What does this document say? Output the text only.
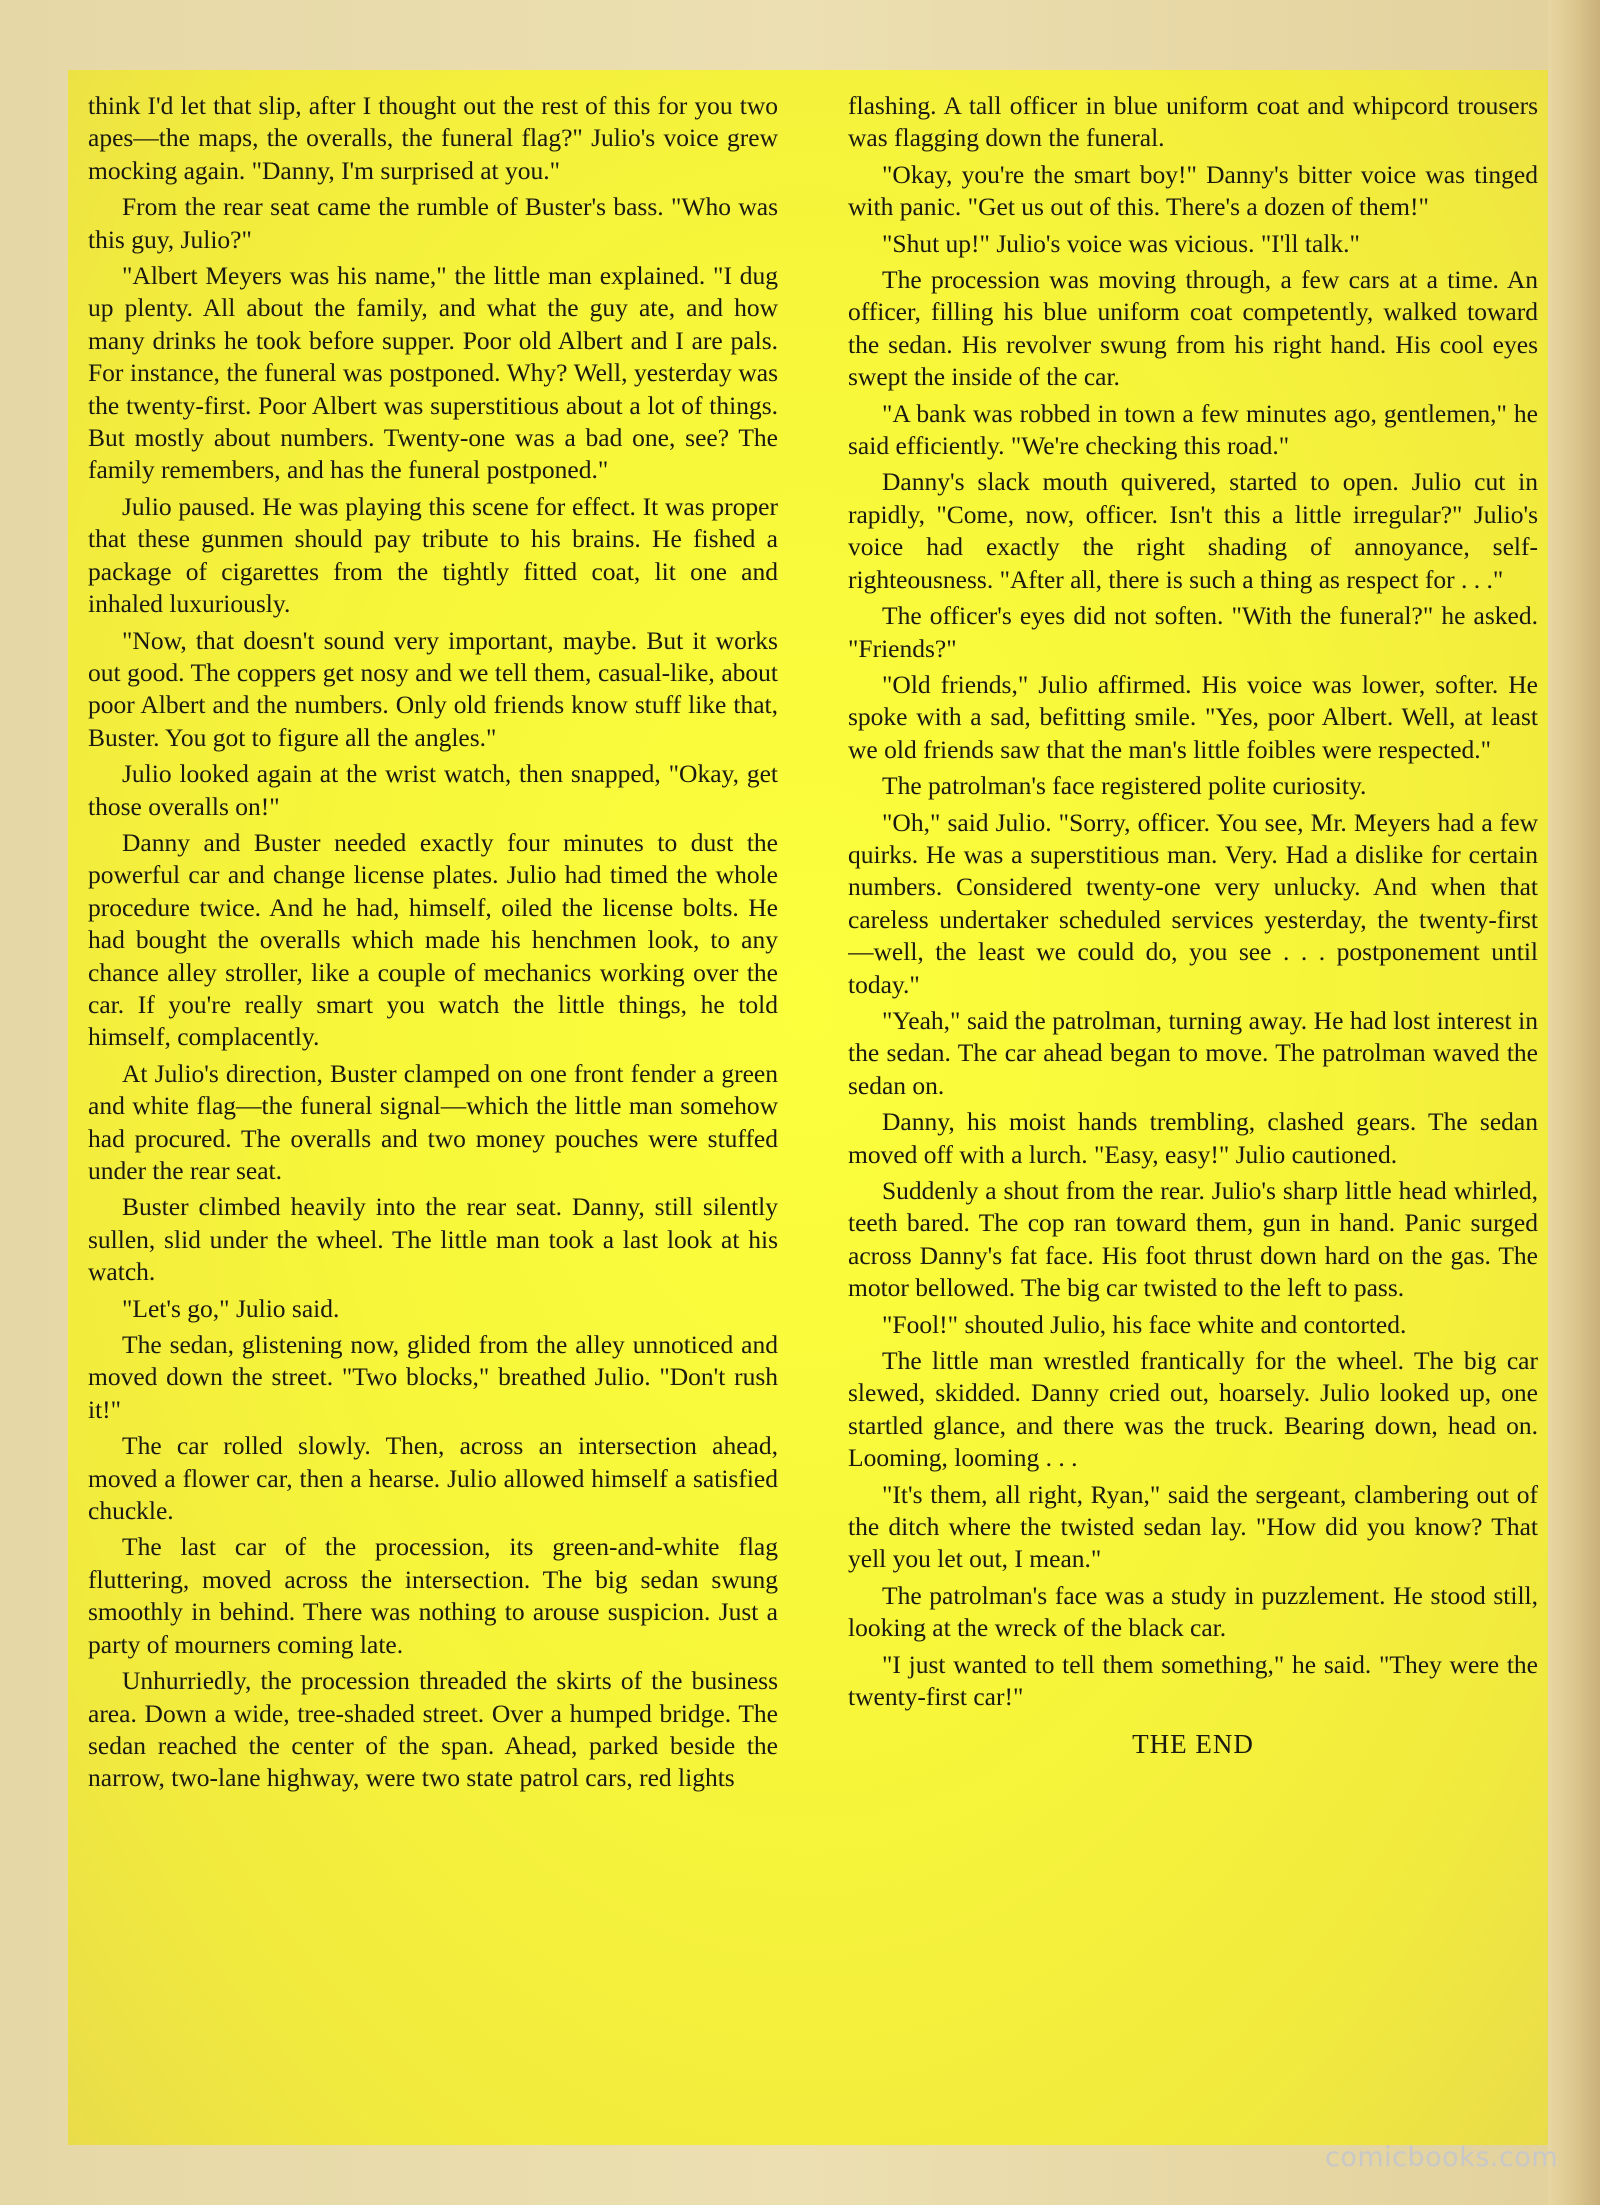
think I'd let that slip, after I thought out the rest of this for you two apes—the maps, the overalls, the funeral flag?" Julio's voice grew mocking again. "Danny, I'm surprised at you."

From the rear seat came the rumble of Buster's bass. "Who was this guy, Julio?"

"Albert Meyers was his name," the little man explained. "I dug up plenty. All about the family, and what the guy ate, and how many drinks he took before supper. Poor old Albert and I are pals. For instance, the funeral was postponed. Why? Well, yesterday was the twenty-first. Poor Albert was superstitious about a lot of things. But mostly about numbers. Twenty-one was a bad one, see? The family remembers, and has the funeral postponed."

Julio paused. He was playing this scene for effect. It was proper that these gunmen should pay tribute to his brains. He fished a package of cigarettes from the tightly fitted coat, lit one and inhaled luxuriously.

"Now, that doesn't sound very important, maybe. But it works out good. The coppers get nosy and we tell them, casual-like, about poor Albert and the numbers. Only old friends know stuff like that, Buster. You got to figure all the angles."

Julio looked again at the wrist watch, then snapped, "Okay, get those overalls on!"

Danny and Buster needed exactly four minutes to dust the powerful car and change license plates. Julio had timed the whole procedure twice. And he had, himself, oiled the license bolts. He had bought the overalls which made his henchmen look, to any chance alley stroller, like a couple of mechanics working over the car. If you're really smart you watch the little things, he told himself, complacently.

At Julio's direction, Buster clamped on one front fender a green and white flag—the funeral signal—which the little man somehow had procured. The overalls and two money pouches were stuffed under the rear seat.

Buster climbed heavily into the rear seat. Danny, still silently sullen, slid under the wheel. The little man took a last look at his watch.

"Let's go," Julio said.

The sedan, glistening now, glided from the alley unnoticed and moved down the street. "Two blocks," breathed Julio. "Don't rush it!"

The car rolled slowly. Then, across an intersection ahead, moved a flower car, then a hearse. Julio allowed himself a satisfied chuckle.

The last car of the procession, its green-and-white flag fluttering, moved across the intersection. The big sedan swung smoothly in behind. There was nothing to arouse suspicion. Just a party of mourners coming late.

Unhurriedly, the procession threaded the skirts of the business area. Down a wide, tree-shaded street. Over a humped bridge. The sedan reached the center of the span. Ahead, parked beside the narrow, two-lane highway, were two state patrol cars, red lights

flashing. A tall officer in blue uniform coat and whipcord trousers was flagging down the funeral.

"Okay, you're the smart boy!" Danny's bitter voice was tinged with panic. "Get us out of this. There's a dozen of them!"

"Shut up!" Julio's voice was vicious. "I'll talk."

The procession was moving through, a few cars at a time. An officer, filling his blue uniform coat competently, walked toward the sedan. His revolver swung from his right hand. His cool eyes swept the inside of the car.

"A bank was robbed in town a few minutes ago, gentlemen," he said efficiently. "We're checking this road."

Danny's slack mouth quivered, started to open. Julio cut in rapidly, "Come, now, officer. Isn't this a little irregular?" Julio's voice had exactly the right shading of annoyance, self-righteousness. "After all, there is such a thing as respect for . . ."

The officer's eyes did not soften. "With the funeral?" he asked. "Friends?"

"Old friends," Julio affirmed. His voice was lower, softer. He spoke with a sad, befitting smile. "Yes, poor Albert. Well, at least we old friends saw that the man's little foibles were respected."

The patrolman's face registered polite curiosity.

"Oh," said Julio. "Sorry, officer. You see, Mr. Meyers had a few quirks. He was a superstitious man. Very. Had a dislike for certain numbers. Considered twenty-one very unlucky. And when that careless undertaker scheduled services yesterday, the twenty-first—well, the least we could do, you see . . . postponement until today."

"Yeah," said the patrolman, turning away. He had lost interest in the sedan. The car ahead began to move. The patrolman waved the sedan on.

Danny, his moist hands trembling, clashed gears. The sedan moved off with a lurch. "Easy, easy!" Julio cautioned.

Suddenly a shout from the rear. Julio's sharp little head whirled, teeth bared. The cop ran toward them, gun in hand. Panic surged across Danny's fat face. His foot thrust down hard on the gas. The motor bellowed. The big car twisted to the left to pass.

"Fool!" shouted Julio, his face white and contorted.

The little man wrestled frantically for the wheel. The big car slewed, skidded. Danny cried out, hoarsely. Julio looked up, one startled glance, and there was the truck. Bearing down, head on. Looming, looming . . .

"It's them, all right, Ryan," said the sergeant, clambering out of the ditch where the twisted sedan lay. "How did you know? That yell you let out, I mean."

The patrolman's face was a study in puzzlement. He stood still, looking at the wreck of the black car.

"I just wanted to tell them something," he said. "They were the twenty-first car!"

THE END
comicbooks.com
